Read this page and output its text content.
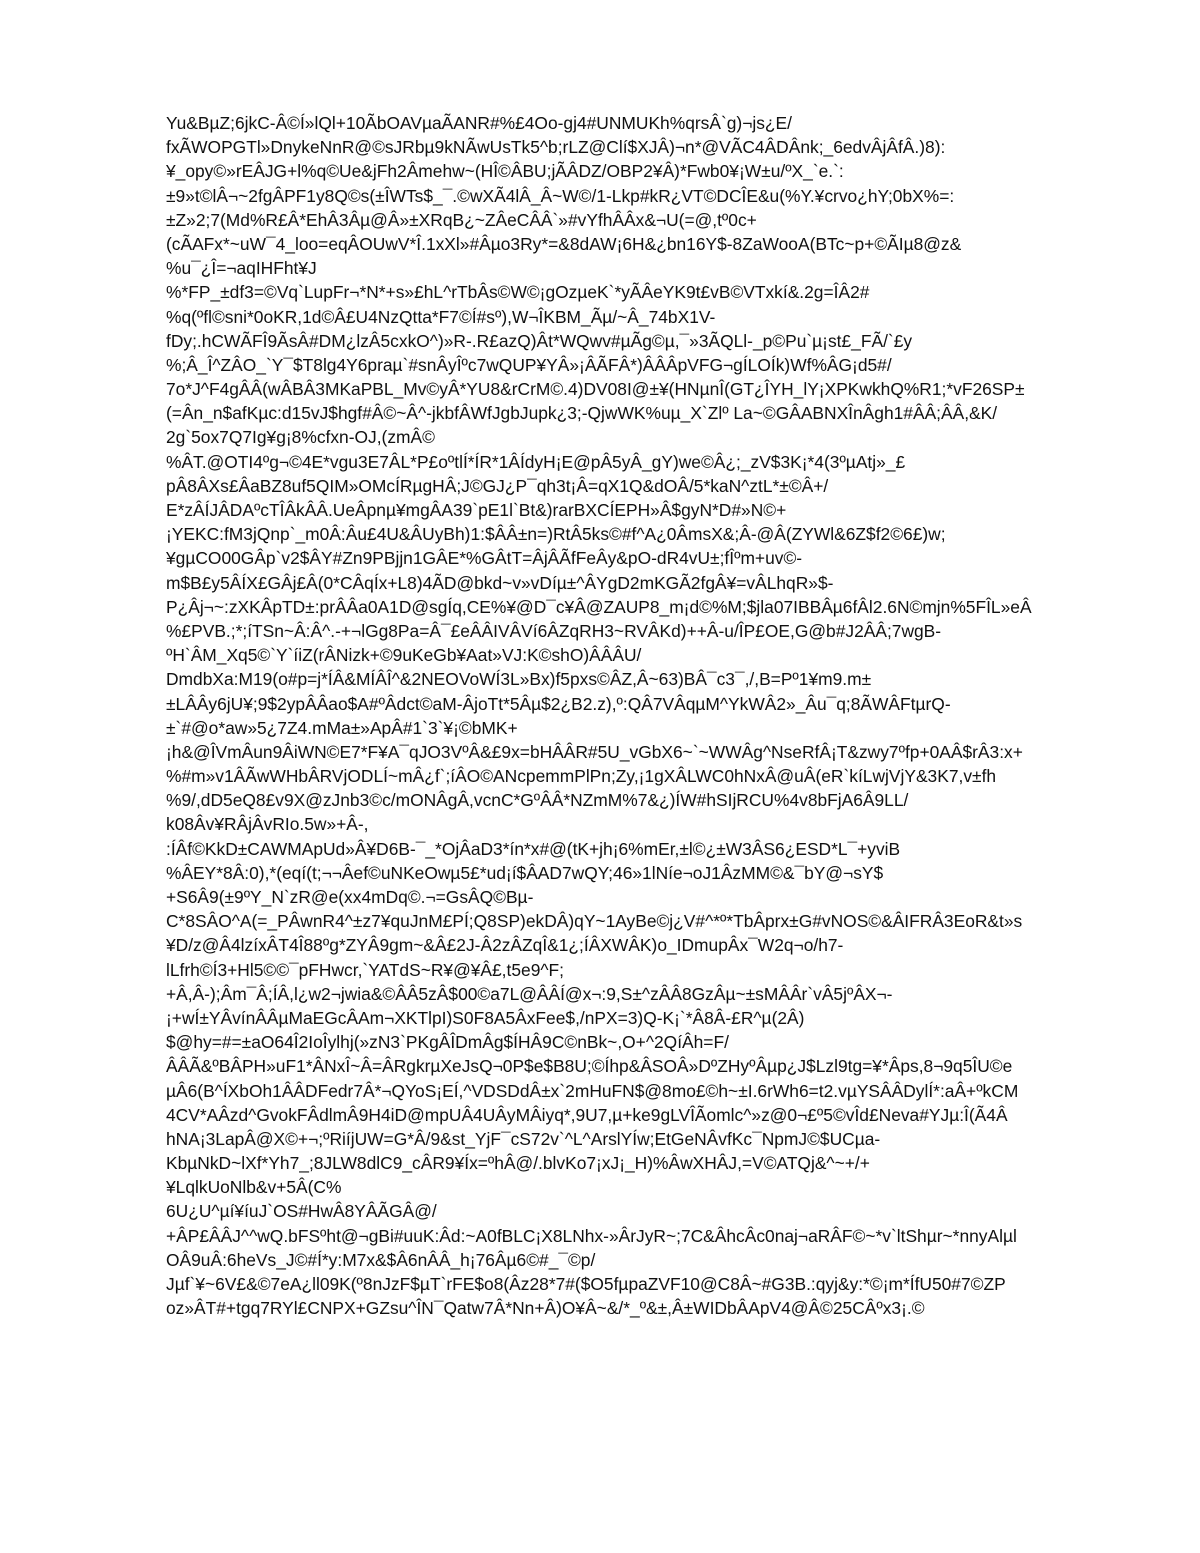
Yu&BµZ;6jkC-Â©Í»lQl+10ÃbOAVµaÃANR#%£4Oo-gj4#UNMUKh%qrsÂ`g)¬js¿E/
fxÃWOPGTl»DnykeNnR@©sJRbµ9kNÃwUsTk5^b;rLZ@Clí$XJÂ)¬n*@VÃC4ÂDÂnk;_6edvÂjÂfÂ.)8):
¥_opy©»rEÂJG+l%q©Ue&jFh2Âmehw~(HÎ©ÂBU;jÃÂDZ/OBP2¥Â)*Fwb0¥¡W±u/ºX_`e.`:
±9»t©lÂ¬~2fgÂPF1y8Q©s(±ÎWTs$_¯.©wXÃ4lÂ_Â~W©/1-Lkp#kR¿VT©DCÎE&u(%Y.¥crvo¿hY;0bX%=:
±Z»2;7(Md%R£Â*EhÂ3Âµ@Â»±XRqB¿~ZÂeCÂÂ`»#vYfhÂÂx&¬U(=@,tº0c+
(cÃAFx*~uW¯4_loo=eqÂOUwV*Î.1xXl»#Âµo3Ry*=&8dAW¡6H&¿bn16Y$-8ZaWooA(BTc~p+©ÃIµ8@z&
%u¯¿Î=¬aqIHFht¥J
%*FP_±df3=©Vq`LupFr¬*N*+s»£hL^rTbÂs©W©¡gOzµeK`*yÃÂeYK9t£vB©VTxkí&.2g=ÎÂ2#
%q(ºfl©sni*0oKR,1d©Â£U4NzQtta*F7©Í#sº),W¬ÎKBM_Ãµ/~Â_74bX1V-
fDy;.hCWÃFÎ9ÃsÂ#DM¿lzÂ5cxkO^)»R-.R£azQ)Ât*WQwv#µÃg©µ,¯»3ÃQLl-_p©Pu`µ¡st£_FÃ/`£y
%;Â_Î^ZÂO_`Y¯$T8lg4Y6praµ`#snÂyÎºc7wQUP¥YÂ»¡ÂÃFÂ*)ÂÂÂpVFG¬gÍLOÍk)Wf%ÂG¡d5#/
7o*J^F4gÂÂ(wÂBÂ3MKaPBL_Mv©yÂ*YU8&rCrM©.4)DV08I@±¥(HNµnÎ(GT¿ÎYH_lY¡XPKwkhQ%R1;*vF26SP±
(=Ân_n$afKµc:d15vJ$hgf#Â©~Â^-jkbfÂWfJgbJupk¿3;-QjwWK%uµ_X`Zlº La~©GÂABNXÎnÂgh1#ÂÂ;ÂÂ,&K/
2g`5ox7Q7Ig¥g¡8%cfxn-OJ,(zmÂ©
%ÂT.@OTI4ºg¬©4E*vgu3E7ÂL*P£oºtlÍ*ÍR*1ÂÍdyH¡E@pÂ5yÂ_gY)we©Â¿;_zV$3K¡*4(3ºµAtj»_£
pÂ8ÂXs£ÂaBZ8uf5QIM»OMcÍRµgHÂ;J©GJ¿P¯qh3t¡Â=qX1Q&dOÂ/5*kaN^ztL*±©Â+/
E*zÂÍJÂDAºcTÎÂkÂÂ.UeÂpnµ¥mgÂA39`pE1l`Bt&)rarBXCÍEPH»Â$gyN*D#»N©+
¡YEKC:fM3jQnp`_m0Â:Âu£4U&ÂUyBh)1:$ÂÂ±n=)RtÂ5ks©#f^A¿0ÂmsX&;Â-@Â(ZYWl&6Z$f2©6£)w;
¥gµCO00GÂp`v2$ÂY#Zn9PBjjn1GÂE*%GÂtT=ÂjÂÃfFeÂy&pO-dR4vU±;fÎºm+uv©-
m$B£y5ÂÍX£GÂj£Â(0*CÂqÍx+L8)4ÃD@bkd~v»vDíµ±^ÂYgD2mKGÃ2fgÂ¥=vÂLhqR»$-
P¿Âj¬~:zXKÂpTD±:prÂÂa0A1D@sgÍq,CE%¥@D¯c¥Â@ZAUP8_m¡d©%M;$jla07IBBÂµ6fÂl2.6N©mjn%5FÎL»eÂ
%£PVB.;*;íTSn~Â:Â^.-+¬lGg8Pa=Â¯£eÂÂIVÂVí6ÂZqRH3~RVÂKd)++Â-u/ÎP£OE,G@b#J2ÂÂ;7wgB-
ºH`ÂM_Xq5©`Y`íiZ(rÂNizk+©9uKeGb¥Aat»VJ:K©shO)ÂÂÂU/
DmdbXa:M19(o#p=j*ÍÂ&MÍÂÎ^&2NEOVoWÍ3L»Bx)f5pxs©ÂZ,Â~63)BÂ¯c3¯,/,B=Pº1¥m9.m±
±LÂÂy6jU¥;9$2ypÂÂao$A#ºÂdct©aM-ÂjoTt*5Âµ$2¿B2.z),º:QÂ7VÂqµM^YkWÂ2»_Âu¯q;8ÃWÂFtµrQ-
±`#@o*aw»5¿7Z4.mMa±»ApÂ#1`3`¥¡©bMK+
¡h&@ÎVmÂun9ÂiWN©E7*F¥A¯qJO3VºÂ&£9x=bHÂÂR#5U_vGbX6~`~WWÂg^NseRfÂ¡T&zwy7ºfp+0AÂ$rÂ3:x+
%#m»v1ÂÃwWHbÂRVjODLÍ~mÂ¿f`;íÂO©ANcpemmPlPn;Zy,¡1gXÂLWC0hNxÂ@uÂ(eR`kíLwjVjY&3K7,v±fh
%9/,dD5eQ8£v9X@zJnb3©c/mONÂgÂ,vcnC*GºÂÂ*NZmM%7&¿)ÍW#hSIjRCU%4v8bFjA6Â9LL/
k08Âv¥RÂjÂvRIo.5w»+Â-,
:ÍÂf©KkD±CAWMApUd»Â¥D6B-¯_*OjÂaD3*ín*x#@(tK+jh¡6%mEr,±l©¿±W3ÂS6¿ESD*L¯+yviB
%ÂEY*8Â:0),*(eqí(t;¬¬Âef©uNKeOwµ5£*ud¡í$ÂAD7wQY;46»1lNíe¬oJ1ÂzMM©&¯bY@¬sY$
+S6Â9(±9ºY_N`zR@e(xx4mDq©.¬=GsÂQ©Bµ-
C*8SÂO^A(=_PÂwnR4^±z7¥quJnM£PÍ;Q8SP)ekDÂ)qY~1AyBe©j¿V#^*º*TbÂprx±G#vNOS©&ÂIFRÂ3EoR&t»s
¥D/z@Â4lzíxÂT4Î88ºg*ZYÂ9gm~&Â£2J-Â2zÂZqÎ&1¿;ÍÂXWÂK)o_IDmupÂx¯W2q¬o/h7-
lLfrh©Í3+Hl5©©¯pFHwcr,`YATdS~R¥@¥Â£,t5e9^F;
+Â,Â-);Âm¯Â;ÍÂ,l¿w2¬jwia&©ÂÂ5zÂ$00©a7L@ÂÂÍ@x¬:9,S±^zÂÂ8GzÂµ~±sMÂÂr`vÂ5jºÂX¬-
¡+wÍ±YÂvínÂÂµMaEGcÂAm¬XKTlpI)S0F8A5ÂxFee$,/nPX=3)Q-K¡`*Â8Â-£R^µ(2Â)
$@hy=#=±aO64Î2IoÎylhj(»zN3`PKgÂÎDmÂg$ÍHÂ9C©nBk~,O+^2QíÂh=F/
ÂÂÃ&ºBÂPH»uF1*ÂNxÎ~Â=ÂRgkrµXeJsQ¬0P$e$B8U;©Íhp&ÂSOÂ»DºZHyºÂµp¿J$Lzl9tg=¥*Âps,8¬9q5ÎU©e
µÂ6(B^ÍXbOh1ÂÂDFedr7Â*¬QYoS¡EÍ,^VDSDdÂ±x`2mHuFN$@8mo£©h~±I.6rWh6=t2.vµYSÂÂDylÍ*:aÂ+ºkCM
4CV*AÂzd^GvokFÂdlmÂ9H4iD@mpUÂ4UÂyMÂiyq*,9U7,µ+ke9gLVÎÃomlc^»z@0¬£º5©vÎd£Neva#YJµ:Î(Ã4Â
hNA¡3LapÂ@X©+¬;ºRiíjUW=G*Â/9&st_YjF¯cS72v`^L^ArslYÍw;EtGeNÂvfKc¯NpmJ©$UCµa-
KbµNkD~lXf*Yh7_;8JLW8dlC9_cÂR9¥Íx=ºhÂ@/.blvKo7¡xJ¡_H)%ÂwXHÂJ,=V©ATQj&^~+/+
¥LqlkUoNlb&v+5Â(C%
6U¿U^µí¥íuJ`OS#HwÂ8YÂÃGÂ@/
+ÂP£ÂÂJ^^wQ.bFSºht@¬gBi#uuK:Âd:~A0fBLC¡X8LNhx-»ÂrJyR~;7C&ÂhcÂc0naj¬aRÂF©~*v`ltShµr~*nnyAlµl
OÂ9uÂ:6heVs_J©#Í*y:M7x&$Â6nÂÂ_h¡76Âµ6©#_¯©p/
Jµf`¥~6V£&©7eA¿ll09K(º8nJzF$µT`rFE$o8(Âz28*7#($O5fµpaZVF10@C8Â~#G3B.:qyj&y:*©¡m*ÍfU50#7©ZP
oz»ÂT#+tgq7RYl£CNPX+GZsu^ÎN¯Qatw7Â*Nn+Â)O¥Â~&/*_º&±,Â±WIDbÂApV4@Â©25CÂºx3¡.©
